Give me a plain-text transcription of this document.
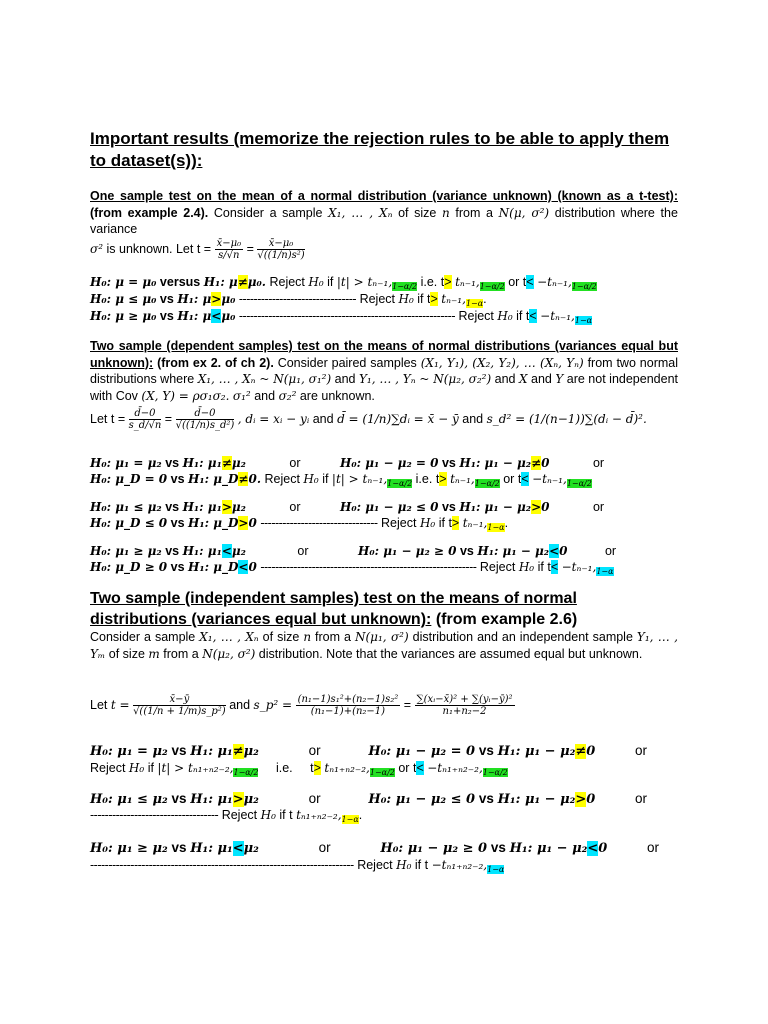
Important results (memorize the rejection rules to be able to apply them to dataset(s)):
One sample test on the mean of a normal distribution (variance unknown) (known as a t-test): (from example 2.4). Consider a sample X₁, … , Xₙ of size n from a N(μ, σ²) distribution where the variance
σ² is unknown. Let $t = \frac{\text{x̄−μ₀}}{s/√n} = \frac{\text{x̄−μ₀}}{\text{√((1/n)s²)}}$
H₀: μ = μ₀ versus H₁: μ≠μ₀. Reject H₀ if $|t| > t_{n-1},_{1-\alpha/2}$ i.e. $t> t_{n-1},_{1-\alpha/2}$ or $t< -t_{n-1},_{1-\alpha/2}$
H₀: μ ≤ μ₀ vs H₁: μ>μ₀ -------------------------------- Reject H₀ if $t> t_{n-1},_{1-\alpha}$.
H₀: μ ≥ μ₀ vs H₁: μ<μ₀ ----------------------------------------------------------- Reject H₀ if $t< -t_{n-1},_{1-\alpha}$
Two sample (dependent samples) test on the means of normal distributions (variances equal but unknown): (from ex 2. of ch 2). Consider paired samples (X₁, Y₁), (X₂, Y₂), … (Xₙ, Yₙ) from two normal distributions where X₁, … , Xₙ ~ N(μ₁, σ₁²) and Y₁, … , Yₙ ~ N(μ₂, σ₂²) and X and Y are not independent with Cov (X, Y) = ρσ₁σ₂. σ₁² and σ₂² are unknown.
Let $t = \frac{d̄-0}{s\_d/√n} = \frac{d̄-0}{\text{√((1/n)s\_d²)}}$ , dᵢ = xᵢ − yᵢ and d̄ = (1/n)∑dᵢ = x̄ − ȳ and s_d² = (1/(n−1))∑(dᵢ − d̄)².
H₀: μ₁ = μ₂ vs H₁: μ₁≠μ₂	or	H₀: μ₁ − μ₂ = 0 vs H₁: μ₁ − μ₂≠0	or
H₀: μ_D = 0 vs H₁: μ_D≠0. Reject H₀ if $|t| > t_{n-1},_{1-\alpha/2}$ i.e. $t> t_{n-1},_{1-\alpha/2}$ or $t< -t_{n-1},_{1-\alpha/2}$
H₀: μ₁ ≤ μ₂ vs H₁: μ₁>μ₂	or	H₀: μ₁ − μ₂ ≤ 0 vs H₁: μ₁ − μ₂>0	or
H₀: μ_D ≤ 0 vs H₁: μ_D>0 -------------------------------- Reject H₀ if $t> t_{n-1},_{1-\alpha}$.
H₀: μ₁ ≥ μ₂ vs H₁: μ₁<μ₂	or	H₀: μ₁ − μ₂ ≥ 0 vs H₁: μ₁ − μ₂<0	or
H₀: μ_D ≥ 0 vs H₁: μ_D<0 ----------------------------------------------------------- Reject H₀ if $t< -t_{n-1},_{1-\alpha}$
Two sample (independent samples) test on the means of normal distributions (variances equal but unknown): (from example 2.6)
Consider a sample X₁, … , Xₙ of size n from a N(μ₁, σ²) distribution and an independent sample Y₁, … , Yₘ of size m from a N(μ₂, σ²) distribution. Note that the variances are assumed equal but unknown.
Let $t = \frac{x̄-ȳ}{\text{√((1/n + 1/m)s\_p²)}}$ and s_p² = $\frac{\text{(n₁−1)s₁²+(n₂−1)s₂²}}{\text{(n₁−1)+(n₂−1)}} = \frac{\text{∑(xᵢ−x̄)² + ∑(yᵢ−ȳ)²}}{\text{n₁+n₂−2}}$
H₀: μ₁ = μ₂ vs H₁: μ₁≠μ₂	or	H₀: μ₁ − μ₂ = 0 vs H₁: μ₁ − μ₂≠0	or
Reject H₀ if $|t| > t_{n1+n2-2},_{1-\alpha/2}$ i.e. $t> t_{n1+n2-2},_{1-\alpha/2}$ or $t< -t_{n1+n2-2},_{1-\alpha/2}$
H₀: μ₁ ≤ μ₂ vs H₁: μ₁>μ₂	or	H₀: μ₁ − μ₂ ≤ 0 vs H₁: μ₁ − μ₂>0	or
----------------------------------- Reject H₀ if t $t_{n1+n2-2},_{1-\alpha}$.
H₀: μ₁ ≥ μ₂ vs H₁: μ₁<μ₂	or	H₀: μ₁ − μ₂ ≥ 0 vs H₁: μ₁ − μ₂<0	or
------------------------------------------------------------------------ Reject H₀ if $t -t_{n1+n2-2},_{1-\alpha}$
